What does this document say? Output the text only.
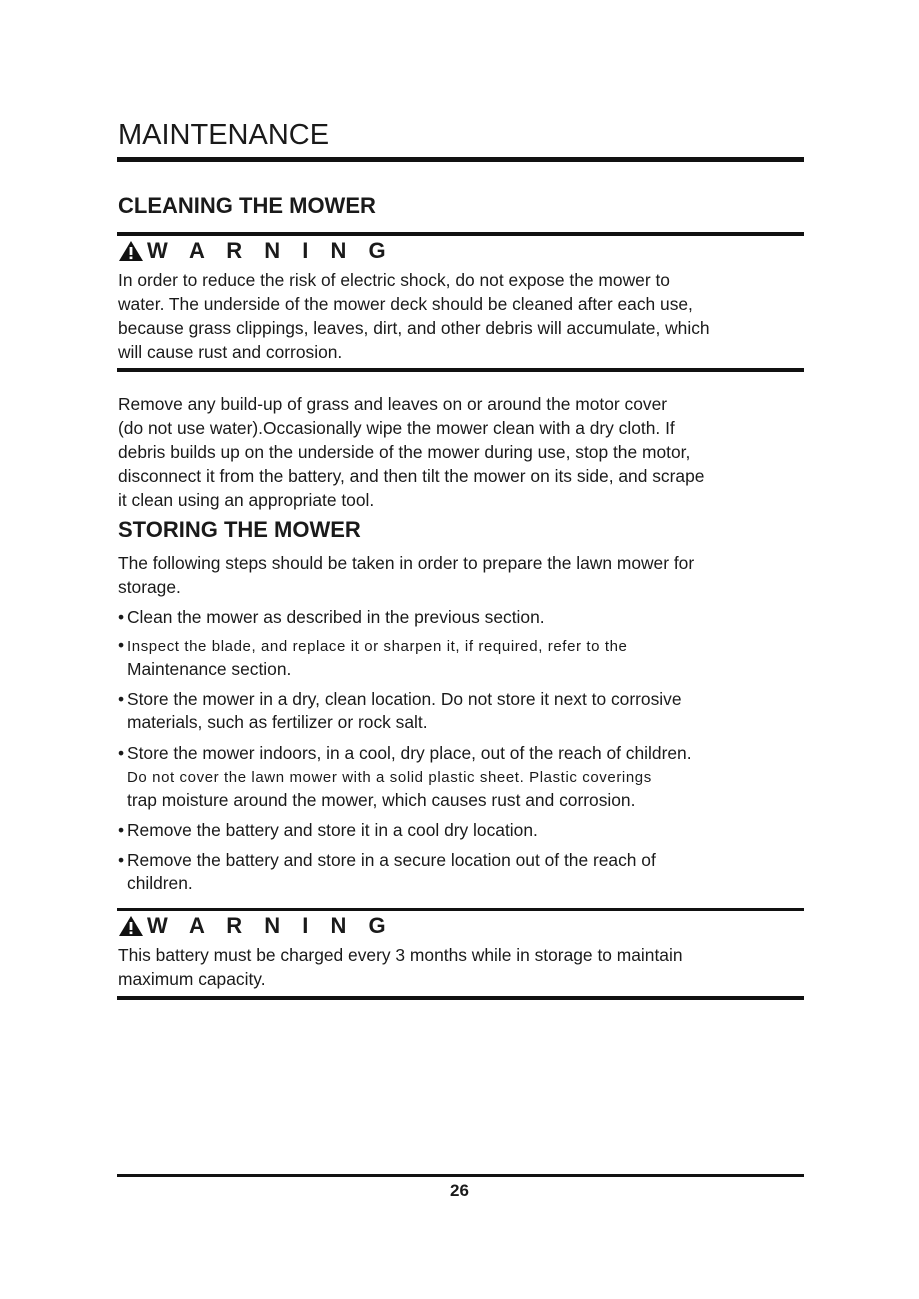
MAINTENANCE
CLEANING THE MOWER
W A R N I N G
In order to reduce the risk of electric shock, do not expose the mower to
water. The underside of the mower deck should be cleaned after each use,
because grass clippings, leaves, dirt, and other debris will accumulate, which
will cause rust and corrosion.
Remove any build-up of grass and leaves on or around the motor cover
(do not use water).Occasionally wipe the mower clean with a dry cloth. If
debris builds up on the underside of the mower during use, stop the motor,
disconnect it from the battery, and then tilt the mower on its side, and scrape
it clean using an appropriate tool.
STORING THE MOWER
The following steps should be taken in order to prepare the lawn mower for
storage.
• Clean the mower as described in the previous section.
• Inspect the blade, and replace it or sharpen it, if required, refer to the
Maintenance section.
• Store the mower in a dry, clean location. Do not store it next to corrosive
materials, such as fertilizer or rock salt.
• Store the mower indoors, in a cool, dry place, out of the reach of children.
Do not cover the lawn mower with a solid plastic sheet. Plastic coverings
trap moisture around the mower, which causes rust and corrosion.
• Remove the battery and store it in a cool dry location.
• Remove the battery and store in a secure location out of the reach of
children.
W A R N I N G
This battery must be charged every 3 months while in storage to maintain
maximum capacity.
26
